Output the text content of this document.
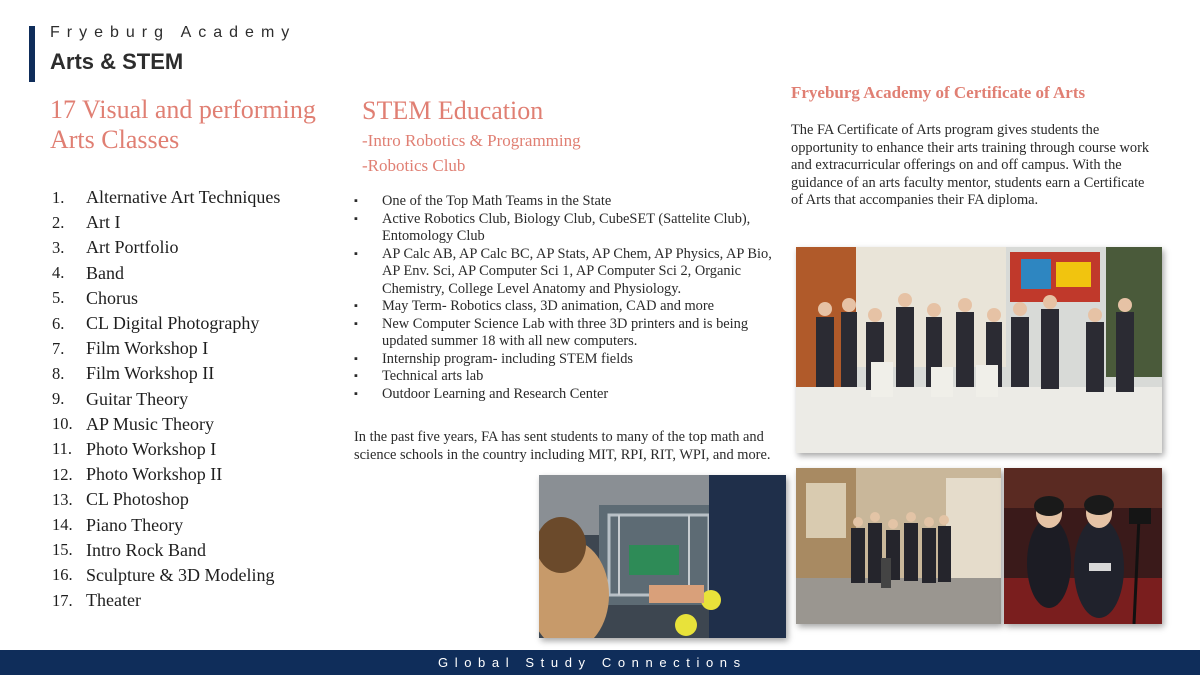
Fryeburg Academy
Arts & STEM
17 Visual and performing Arts Classes
1.	Alternative Art Techniques
2.	Art I
3.	Art Portfolio
4.	Band
5.	Chorus
6.	CL Digital Photography
7.	Film Workshop I
8.	Film Workshop II
9.	Guitar Theory
10. AP Music Theory
11. Photo Workshop I
12. Photo Workshop II
13. CL Photoshop
14. Piano Theory
15. Intro Rock Band
16. Sculpture & 3D Modeling
17. Theater
STEM Education
-Intro Robotics & Programming
-Robotics Club
▪	One of the Top Math Teams in the State
▪	Active Robotics Club, Biology Club, CubeSET (Sattelite Club), Entomology Club
▪	AP Calc AB, AP Calc BC, AP Stats, AP Chem, AP Physics, AP Bio, AP Env. Sci, AP Computer Sci 1, AP Computer Sci 2, Organic Chemistry, College Level Anatomy and Physiology.
▪	May Term- Robotics class, 3D animation, CAD and more
▪	New Computer Science Lab with three 3D printers and is being updated summer 18 with all new computers.
▪	Internship program- including STEM fields
▪	Technical arts lab
▪	Outdoor Learning and Research Center
In the past five years, FA has sent students to many of the top math and science schools in the country including MIT, RPI, RIT, WPI, and more.
Fryeburg Academy of Certificate of Arts
The FA Certificate of Arts program gives students the opportunity to enhance their arts training through course work and extracurricular offerings on and off campus. With the guidance of an arts faculty mentor, students earn a Certificate of Arts that accompanies their FA diploma.
Global Study Connections
